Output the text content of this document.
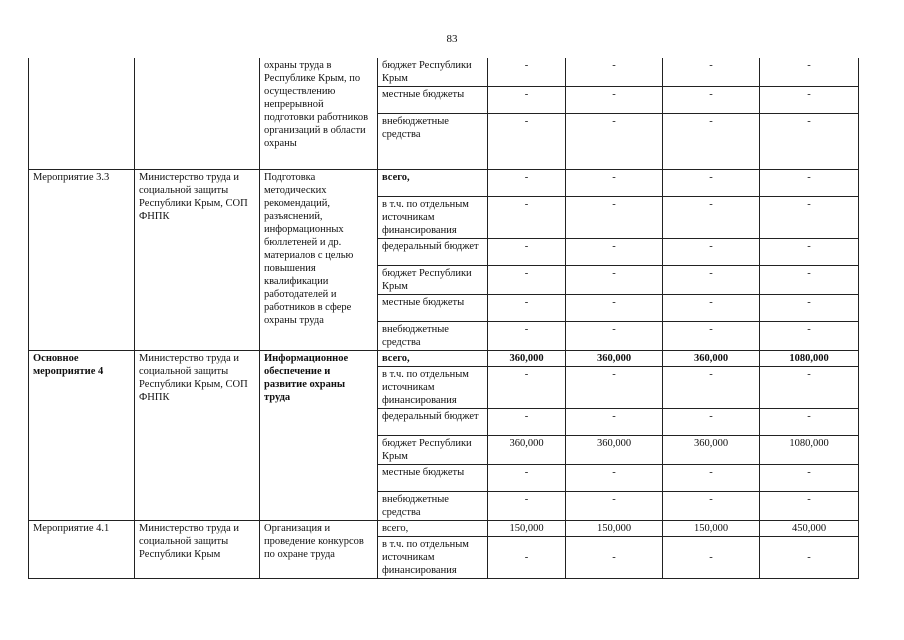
83
		охраны труда в Республике Крым, по осуществлению непрерывной подготовки работников организаций в области охраны	бюджет Республики Крым	-	-	-	-
			местные бюджеты	-	-	-	-
			внебюджетные средства	-	-	-	-
Мероприятие 3.3	Министерство труда и социальной защиты Республики Крым, СОП ФНПК	Подготовка методических рекомендаций, разъяснений, информационных бюллетеней и др. материалов с целью повышения квалификации работодателей и работников в сфере охраны труда	всего,	-	-	-	-
			в т.ч. по отдельным источникам финансирования	-	-	-	-
			федеральный бюджет	-	-	-	-
			бюджет Республики Крым	-	-	-	-
			местные бюджеты	-	-	-	-
			внебюджетные средства	-	-	-	-
Основное мероприятие 4	Министерство труда и социальной защиты Республики Крым, СОП ФНПК	Информационное обеспечение и развитие охраны труда	всего,	360,000	360,000	360,000	1080,000
			в т.ч. по отдельным источникам финансирования	-	-	-	-
			федеральный бюджет	-	-	-	-
			бюджет Республики Крым	360,000	360,000	360,000	1080,000
			местные бюджеты	-	-	-	-
			внебюджетные средства	-	-	-	-
Мероприятие 4.1	Министерство труда и социальной защиты Республики Крым	Организация и проведение конкурсов по охране труда	всего,	150,000	150,000	150,000	450,000
			в т.ч. по отдельным источникам финансирования	-	-	-	-
